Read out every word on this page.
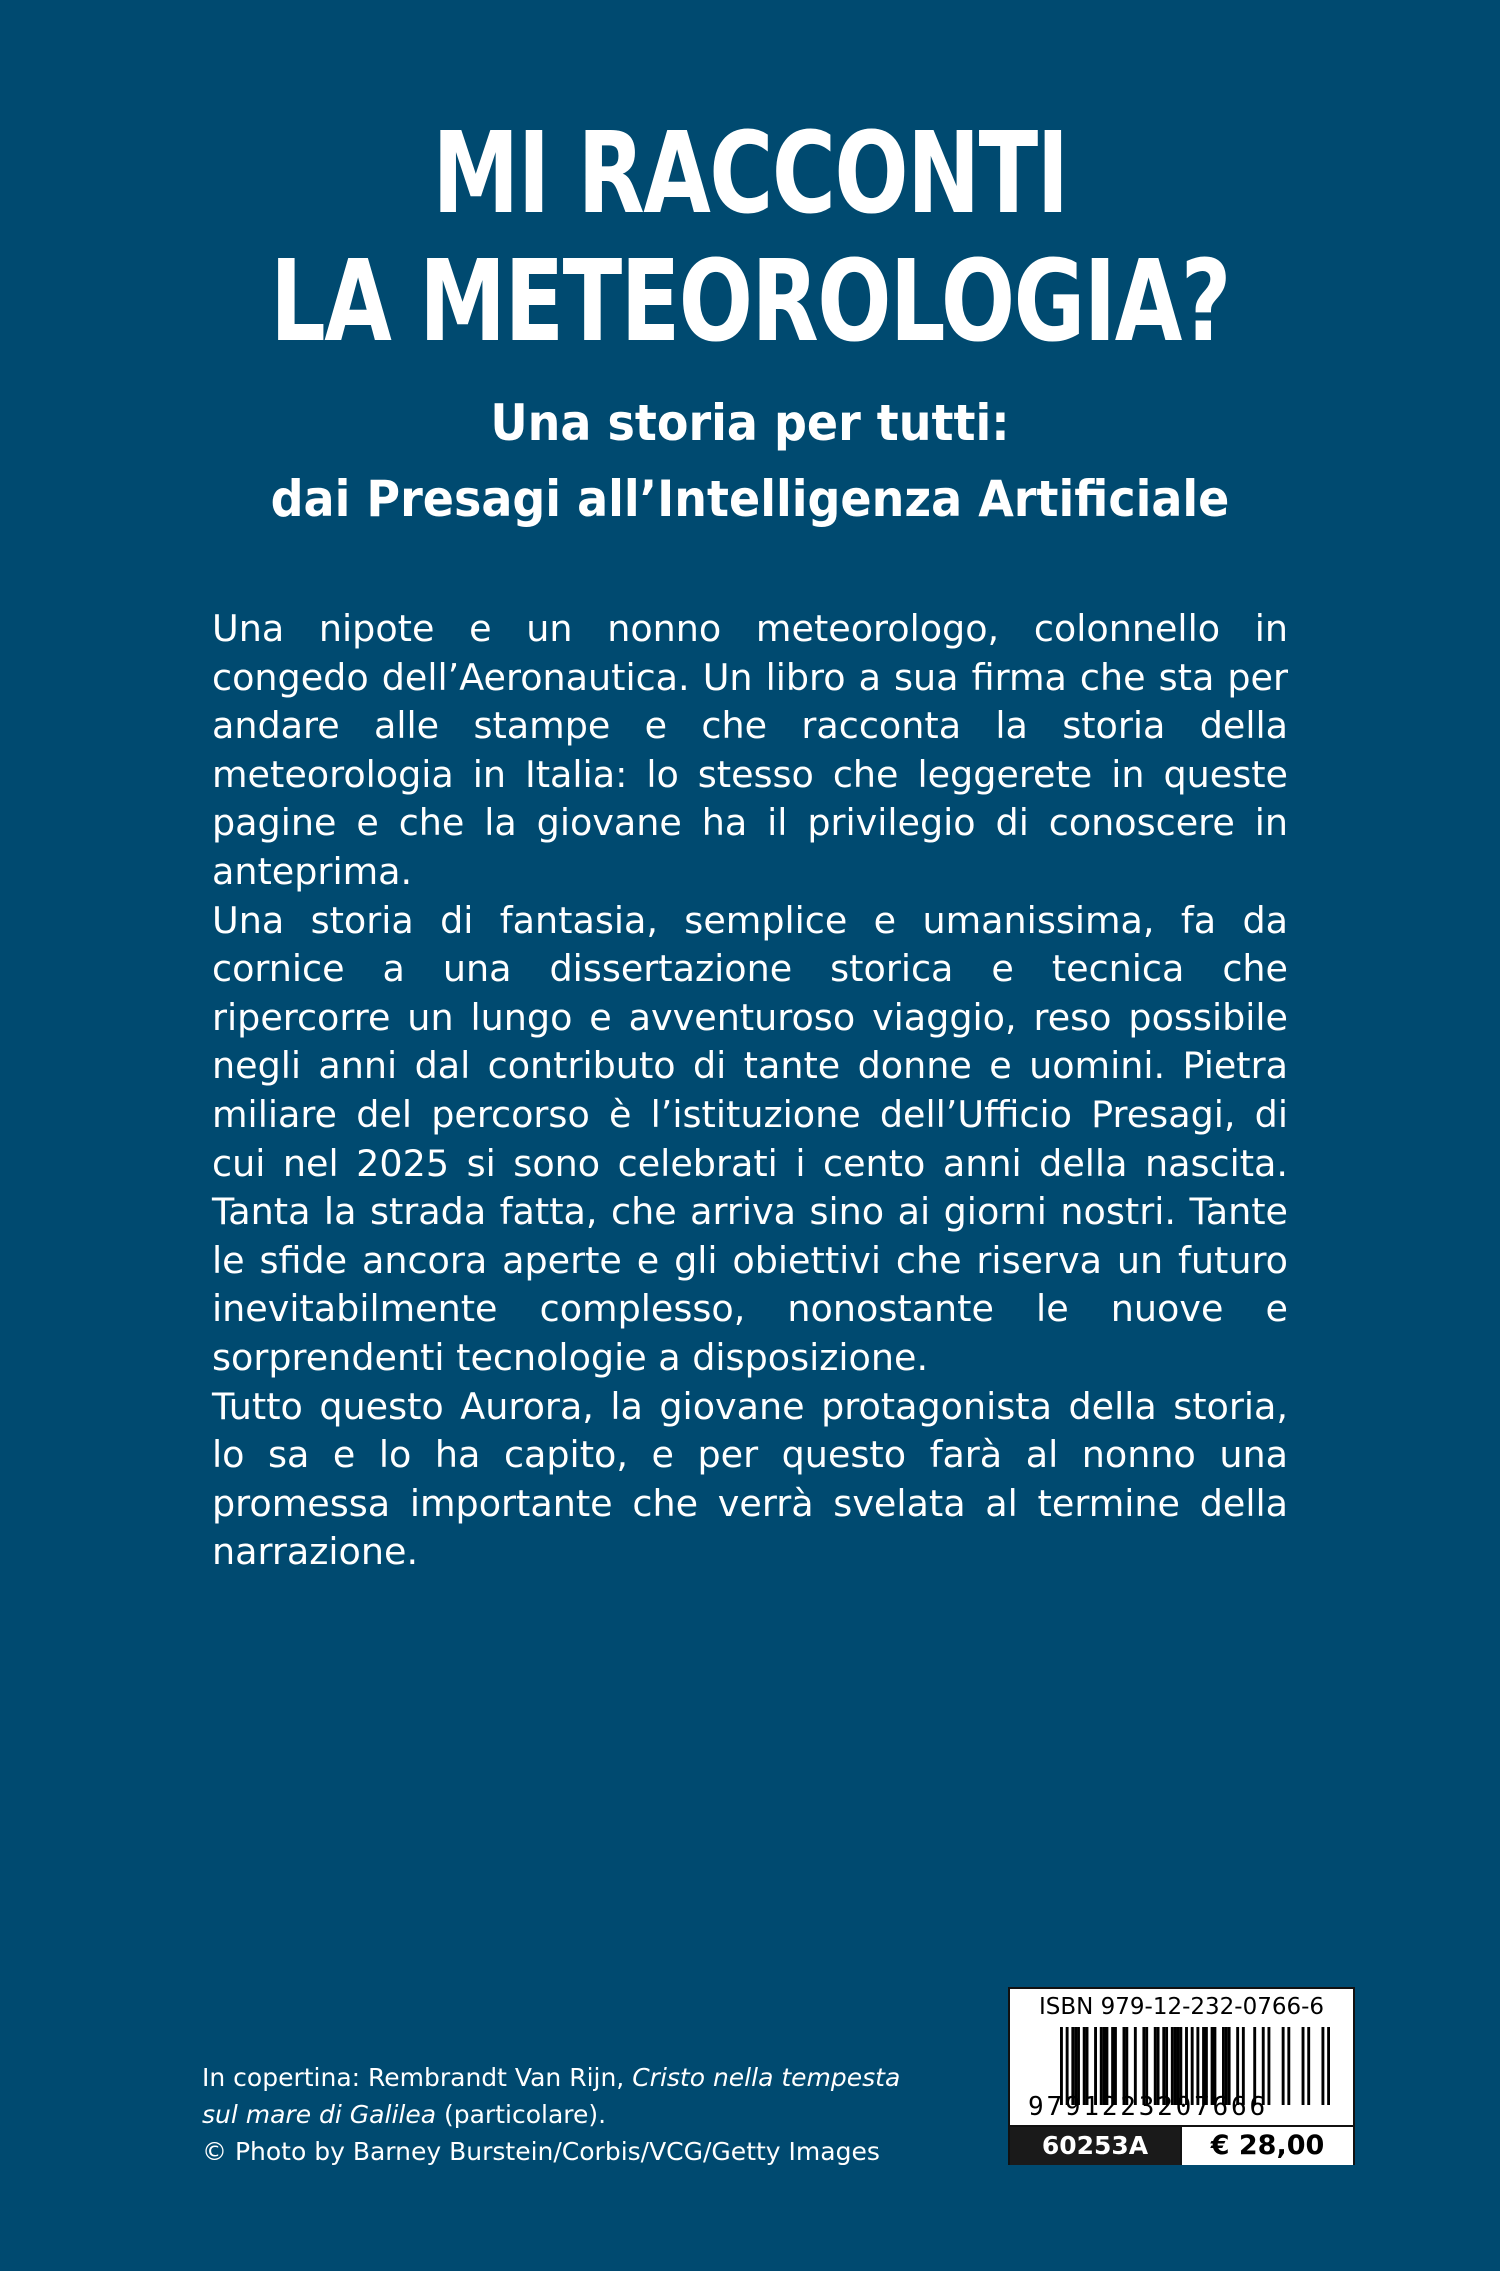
MI RACCONTI
LA METEOROLOGIA?
Una storia per tutti:
dai Presagi all’Intelligenza Artificiale

Una nipote e un nonno meteorologo, colonnello in congedo dell’Aeronautica. Un libro a sua firma che sta per andare alle stampe e che racconta la storia della meteorologia in Italia: lo stesso che leggerete in queste pagine e che la giovane ha il privilegio di conoscere in anteprima.

Una storia di fantasia, semplice e umanissima, fa da cornice a una dissertazione storica e tecnica che ripercorre un lungo e avventuroso viaggio, reso possibile negli anni dal contributo di tante donne e uomini. Pietra miliare del percorso è l’istituzione dell’Ufficio Presagi, di cui nel 2025 si sono celebrati i cento anni della nascita. Tanta la strada fatta, che arriva sino ai giorni nostri. Tante le sfide ancora aperte e gli obiettivi che riserva un futuro inevitabilmente complesso, nonostante le nuove e sorprendenti tecnologie a disposizione.

Tutto questo Aurora, la giovane protagonista della storia, lo sa e lo ha capito, e per questo farà al nonno una promessa importante che verrà svelata al termine della narrazione.

In copertina: Rembrandt Van Rijn, Cristo nella tempesta sul mare di Galilea (particolare).

© Photo by Barney Burstein/Corbis/VCG/Getty Images

ISBN 979-12-232-0766-6
9791223207666
60253A	€ 28,00
